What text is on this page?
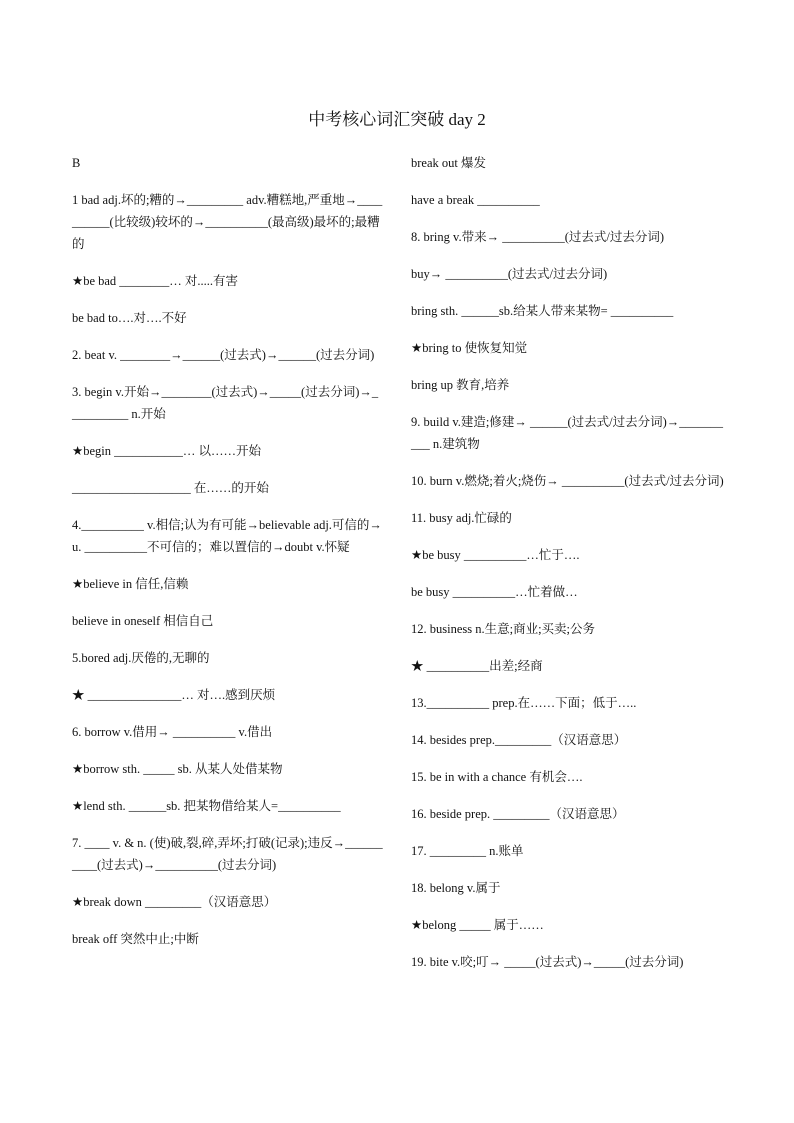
中考核心词汇突破 day 2

B

1 bad adj.坏的;糟的→_________ adv.糟糕地,严重地→__________(比较级)较坏的→__________(最高级)最坏的;最糟的

★be bad ________… 对.....有害

be bad to….对….不好

2. beat v. ________→______(过去式)→______(过去分词)

3. begin v.开始→________(过去式)→_____(过去分词)→__________ n.开始

★begin ___________… 以……开始

___________________ 在……的开始

4.__________ v.相信;认为有可能→believable adj.可信的→u. __________不可信的；难以置信的→doubt v.怀疑

★believe in 信任,信赖

believe in oneself 相信自己

5.bored adj.厌倦的,无聊的

★ _______________… 对….感到厌烦

6. borrow v.借用→ __________ v.借出

★borrow sth. _____ sb. 从某人处借某物

★lend sth. ______sb. 把某物借给某人=__________

7. ____ v. & n. (使)破,裂,碎,弄坏;打破(记录);违反→__________(过去式)→__________(过去分词)

★break down _________（汉语意思）

break off 突然中止;中断

break out 爆发

have a break __________

8. bring v.带来→ __________(过去式/过去分词)

buy→ __________(过去式/过去分词)

bring sth. ______sb.给某人带来某物= __________

★bring to 使恢复知觉

bring up 教育,培养

9. build v.建造;修建→ ______(过去式/过去分词)→__________ n.建筑物

10. burn v.燃烧;着火;烧伤→ __________(过去式/过去分词)

11. busy adj.忙碌的

★be busy __________…忙于….

be busy __________…忙着做…

12. business n.生意;商业;买卖;公务

★ __________出差;经商

13.__________ prep.在……下面；低于…..

14. besides prep._________（汉语意思）

15. be in with a chance 有机会….

16. beside prep. _________（汉语意思）

17. _________ n.账单

18. belong v.属于

★belong _____ 属于……

19. bite v.咬;叮→ _____(过去式)→_____(过去分词)
